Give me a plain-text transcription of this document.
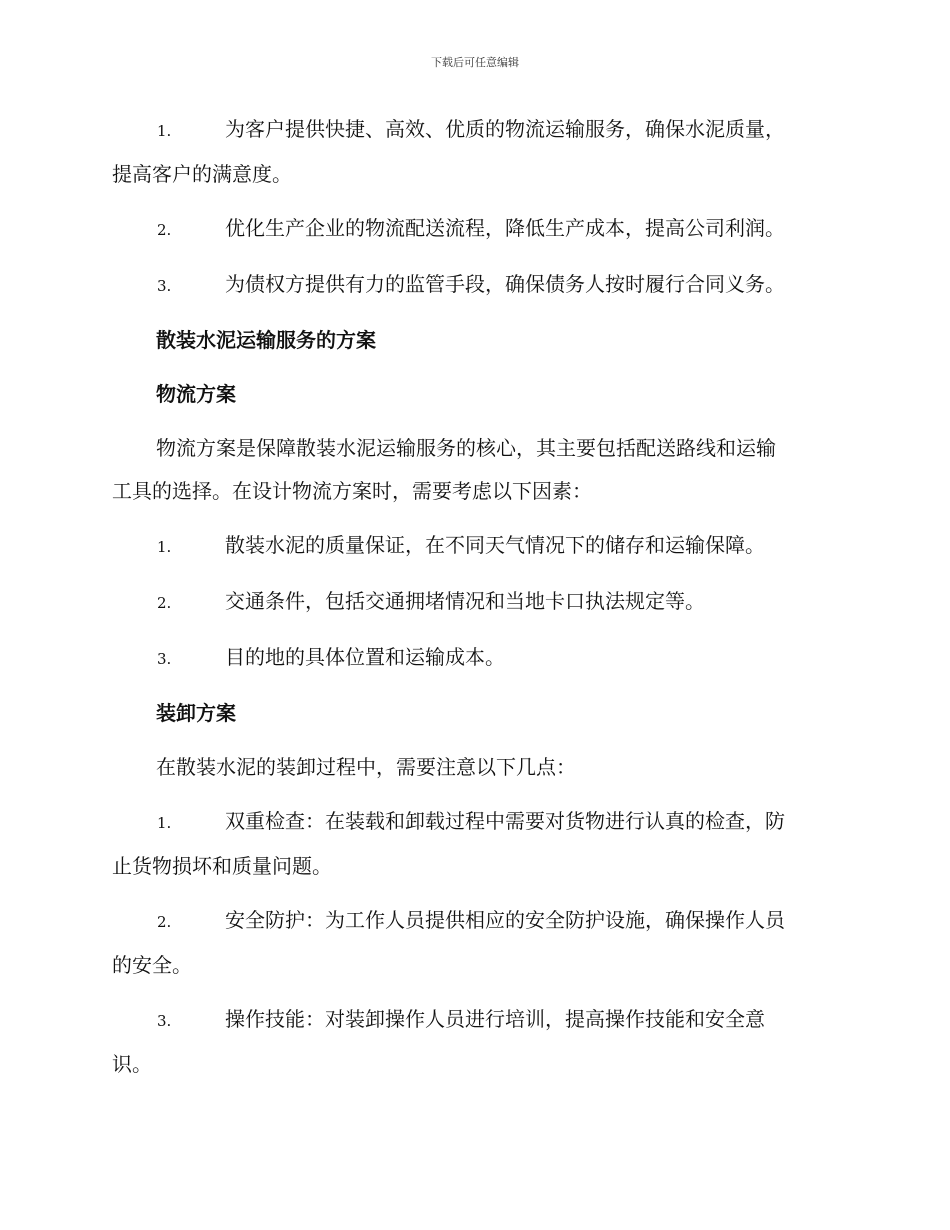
下载后可任意编辑
1.	为客户提供快捷、高效、优质的物流运输服务，确保水泥质量，
提高客户的满意度。
2.	优化生产企业的物流配送流程，降低生产成本，提高公司利润。
3.	为债权方提供有力的监管手段，确保债务人按时履行合同义务。
散装水泥运输服务的方案
物流方案
物流方案是保障散装水泥运输服务的核心，其主要包括配送路线和运输
工具的选择。在设计物流方案时，需要考虑以下因素：
1.	散装水泥的质量保证，在不同天气情况下的储存和运输保障。
2.	交通条件，包括交通拥堵情况和当地卡口执法规定等。
3.	目的地的具体位置和运输成本。
装卸方案
在散装水泥的装卸过程中，需要注意以下几点：
1.	双重检查：在装载和卸载过程中需要对货物进行认真的检查，防
止货物损坏和质量问题。
2.	安全防护：为工作人员提供相应的安全防护设施，确保操作人员
的安全。
3.	操作技能：对装卸操作人员进行培训，提高操作技能和安全意
识。
